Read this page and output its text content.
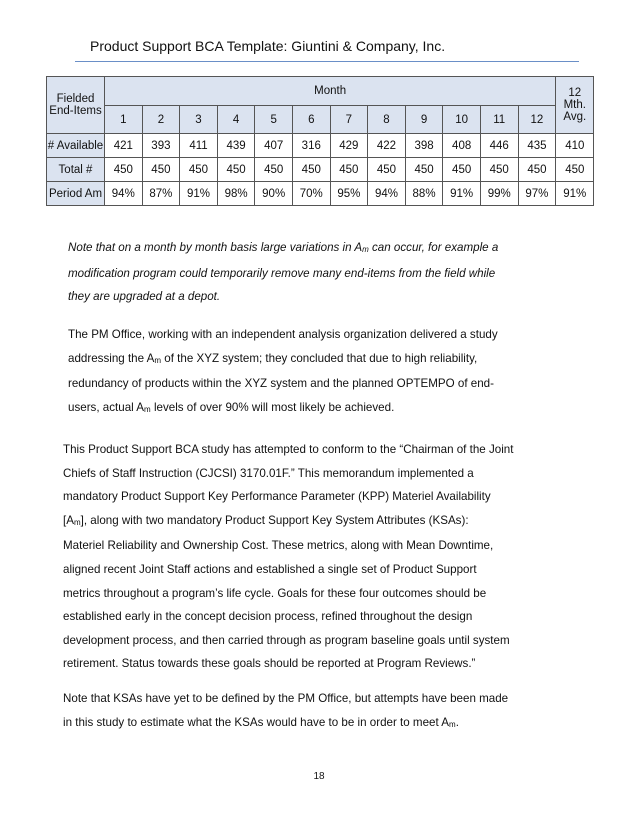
Product Support BCA Template: Giuntini & Company, Inc.
Fielded End-Items	Month												12 Mth. Avg.
	1	2	3	4	5	6	7	8	9	10	11	12	
# Available	421	393	411	439	407	316	429	422	398	408	446	435	410
Total #	450	450	450	450	450	450	450	450	450	450	450	450	450
Period Am	94%	87%	91%	98%	90%	70%	95%	94%	88%	91%	99%	97%	91%

Note that on a month by month basis large variations in $A_m$ can occur, for example a
modification program could temporarily remove many end-items from the field while
they are upgraded at a depot.

The PM Office, working with an independent analysis organization delivered a study
addressing the $A_m$ of the XYZ system; they concluded that due to high reliability,
redundancy of products within the XYZ system and the planned OPTEMPO of end-
users, actual $A_m$ levels of over 90% will most likely be achieved.

This Product Support BCA study has attempted to conform to the “Chairman of the Joint
Chiefs of Staff Instruction (CJCSI) 3170.01F.” This memorandum implemented a
mandatory Product Support Key Performance Parameter (KPP) Materiel Availability
$[A_m]$, along with two mandatory Product Support Key System Attributes (KSAs):
Materiel Reliability and Ownership Cost. These metrics, along with Mean Downtime,
aligned recent Joint Staff actions and established a single set of Product Support
metrics throughout a program’s life cycle. Goals for these four outcomes should be
established early in the concept decision process, refined throughout the design
development process, and then carried through as program baseline goals until system
retirement. Status towards these goals should be reported at Program Reviews.”

Note that KSAs have yet to be defined by the PM Office, but attempts have been made
in this study to estimate what the KSAs would have to be in order to meet $A_m$.

18
